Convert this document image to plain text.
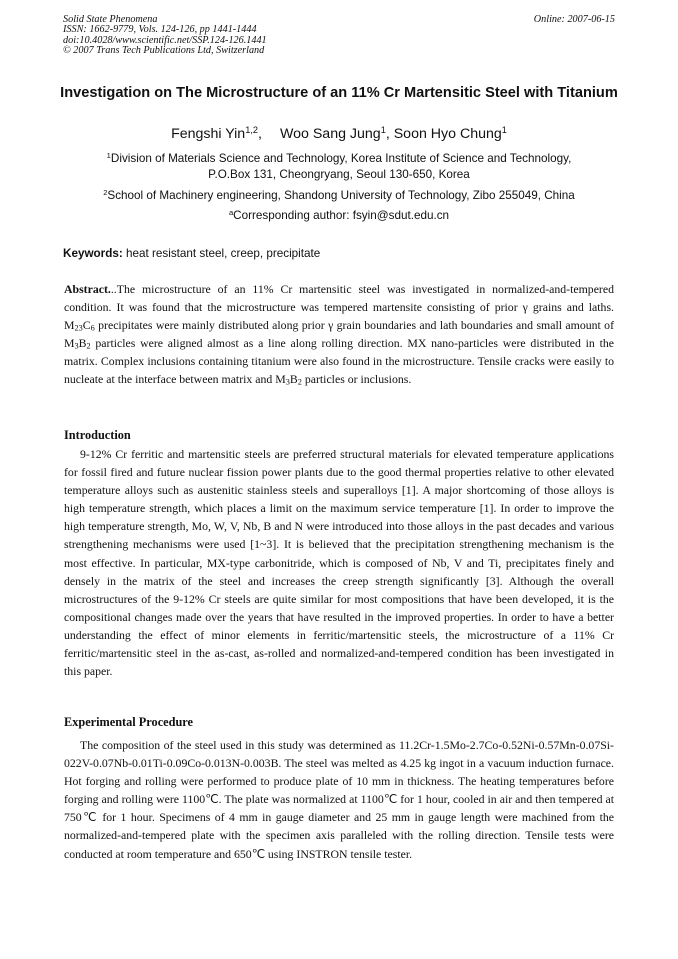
Solid State Phenomena
ISSN: 1662-9779, Vols. 124-126, pp 1441-1444
doi:10.4028/www.scientific.net/SSP.124-126.1441
© 2007 Trans Tech Publications Ltd, Switzerland
Online: 2007-06-15
Investigation on The Microstructure of an 11% Cr Martensitic Steel with Titanium
Fengshi Yin$^{1,2}$, Woo Sang Jung$^1$, Soon Hyo Chung$^1$
$^1$Division of Materials Science and Technology, Korea Institute of Science and Technology,
P.O.Box 131, Cheongryang, Seoul 130-650, Korea
$^2$School of Machinery engineering, Shandong University of Technology, Zibo 255049, China
$^a$Corresponding author: fsyin@sdut.edu.cn
Keywords: heat resistant steel, creep, precipitate
Abstract...The microstructure of an 11% Cr martensitic steel was investigated in normalized-and-tempered condition. It was found that the microstructure was tempered martensite consisting of prior γ grains and laths. $M_{23}C_6$ precipitates were mainly distributed along prior γ grain boundaries and lath boundaries and small amount of $M_3B_2$ particles were aligned almost as a line along rolling direction. MX nano-particles were distributed in the matrix. Complex inclusions containing titanium were also found in the microstructure. Tensile cracks were easily to nucleate at the interface between matrix and $M_3B_2$ particles or inclusions.
Introduction
9-12% Cr ferritic and martensitic steels are preferred structural materials for elevated temperature applications for fossil fired and future nuclear fission power plants due to the good thermal properties relative to other elevated temperature alloys such as austenitic stainless steels and superalloys [1]. A major shortcoming of those alloys is high temperature strength, which places a limit on the maximum service temperature [1]. In order to improve the high temperature strength, Mo, W, V, Nb, B and N were introduced into those alloys in the past decades and various strengthening mechanisms were used [1~3]. It is believed that the precipitation strengthening mechanism is the most effective. In particular, MX-type carbonitride, which is composed of Nb, V and Ti, precipitates finely and densely in the matrix of the steel and increases the creep strength significantly [3]. Although the overall microstructures of the 9-12% Cr steels are quite similar for most compositions that have been developed, it is the compositional changes made over the years that have resulted in the improved properties. In order to have a better understanding the effect of minor elements in ferritic/martensitic steels, the microstructure of a 11% Cr ferritic/martensitic steel in the as-cast, as-rolled and normalized-and-tempered condition has been investigated in this paper.
Experimental Procedure
The composition of the steel used in this study was determined as 11.2Cr-1.5Mo-2.7Co-0.52Ni-0.57Mn-0.07Si-022V-0.07Nb-0.01Ti-0.09Co-0.013N-0.003B. The steel was melted as 4.25 kg ingot in a vacuum induction furnace. Hot forging and rolling were performed to produce plate of 10 mm in thickness. The heating temperatures before forging and rolling were 1100℃. The plate was normalized at 1100℃ for 1 hour, cooled in air and then tempered at 750℃ for 1 hour. Specimens of 4 mm in gauge diameter and 25 mm in gauge length were machined from the normalized-and-tempered plate with the specimen axis paralleled with the rolling direction. Tensile tests were conducted at room temperature and 650℃ using INSTRON tensile tester.
